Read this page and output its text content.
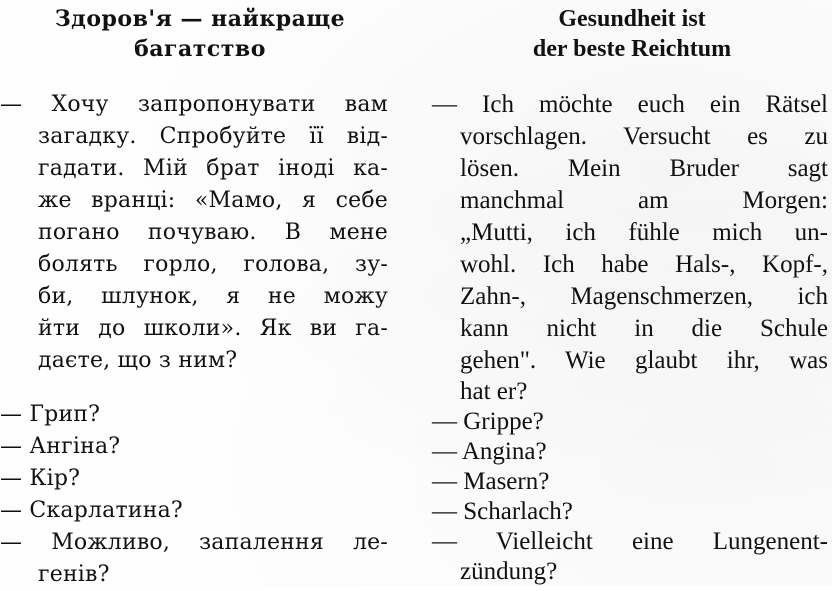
Здоров'я — найкраще
багатство
— Хочу запропонувати вам
загадку. Спробуйте її від-
гадати. Мій брат іноді ка-
же вранці: «Мамо, я себе
погано почуваю. В мене
болять горло, голова, зу-
би, шлунок, я не можу
йти до школи». Як ви га-
даєте, що з ним?
— Грип?
— Ангіна?
— Кір?
— Скарлатина?
— Можливо, запалення ле-
генів?
Gesundheit ist
der beste Reichtum
— Ich möchte euch ein Rätsel
vorschlagen. Versucht es zu
lösen. Mein Bruder sagt
manchmal am Morgen:
„Mutti, ich fühle mich un-
wohl. Ich habe Hals-, Kopf-,
Zahn-, Magenschmerzen, ich
kann nicht in die Schule
gehen". Wie glaubt ihr, was
hat er?
— Grippe?
— Angina?
— Masern?
— Scharlach?
— Vielleicht eine Lungenent-
zündung?
